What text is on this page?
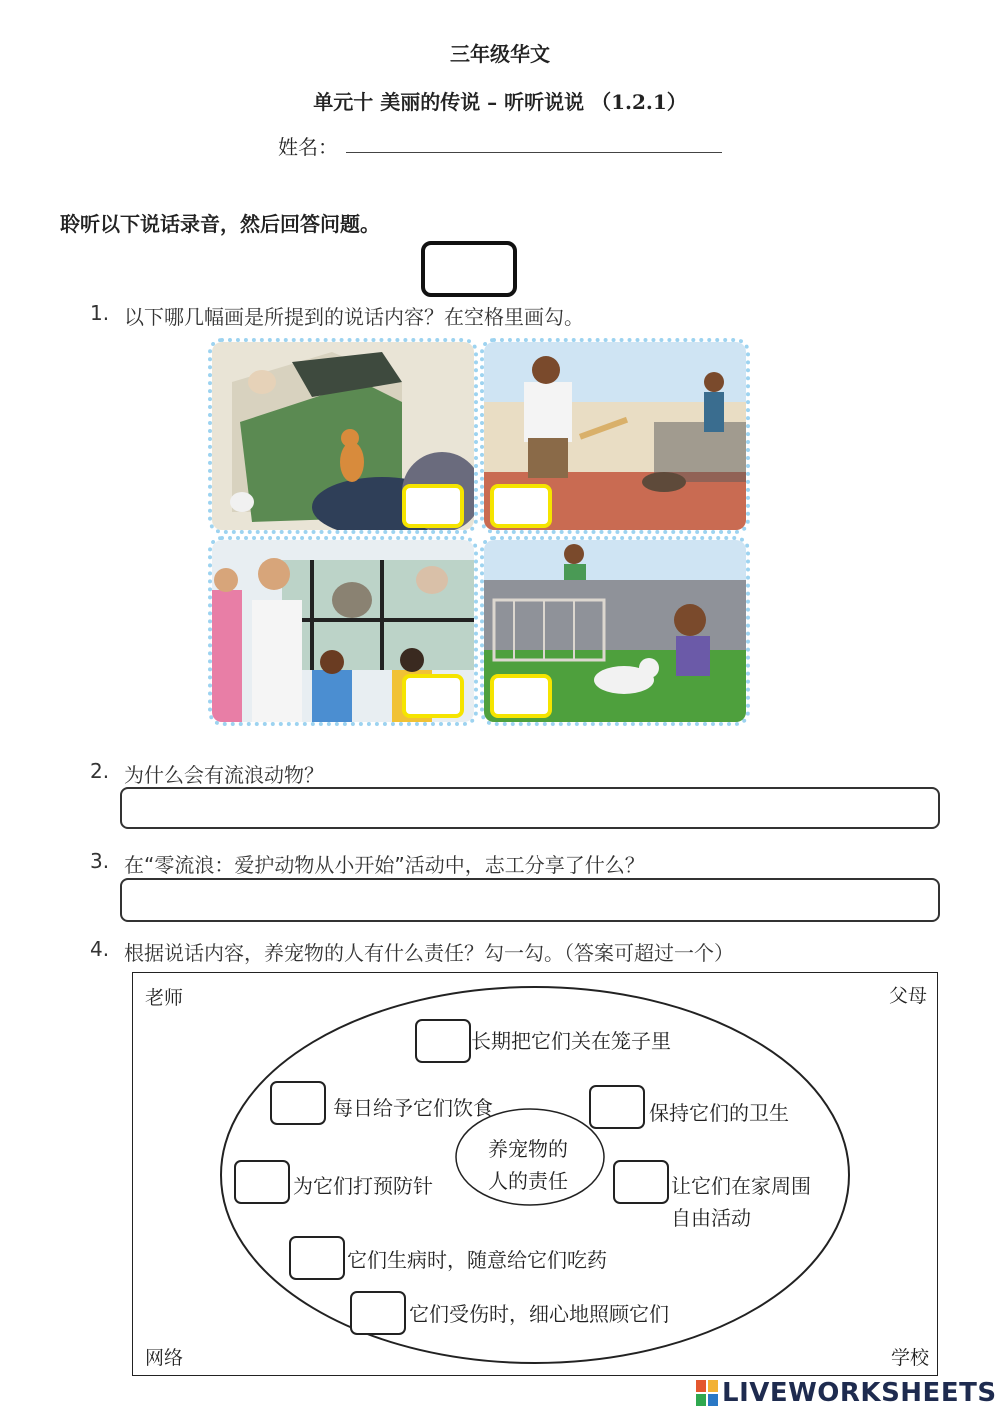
三年级华文
单元十 美丽的传说 – 听听说说 （1.2.1）
姓名：
聆听以下说话录音，然后回答问题。
1. 以下哪几幅画是所提到的说话内容？在空格里画勾。
2. 为什么会有流浪动物？
3. 在“零流浪：爱护动物从小开始”活动中，志工分享了什么？
4. 根据说话内容，养宠物的人有什么责任？勾一勾。（答案可超过一个）
老师	父母
网络	学校
养宠物的
人的责任
长期把它们关在笼子里
每日给予它们饮食	保持它们的卫生
为它们打预防针	让它们在家周围
自由活动
它们生病时，随意给它们吃药
它们受伤时，细心地照顾它们
LIVEWORKSHEETS
